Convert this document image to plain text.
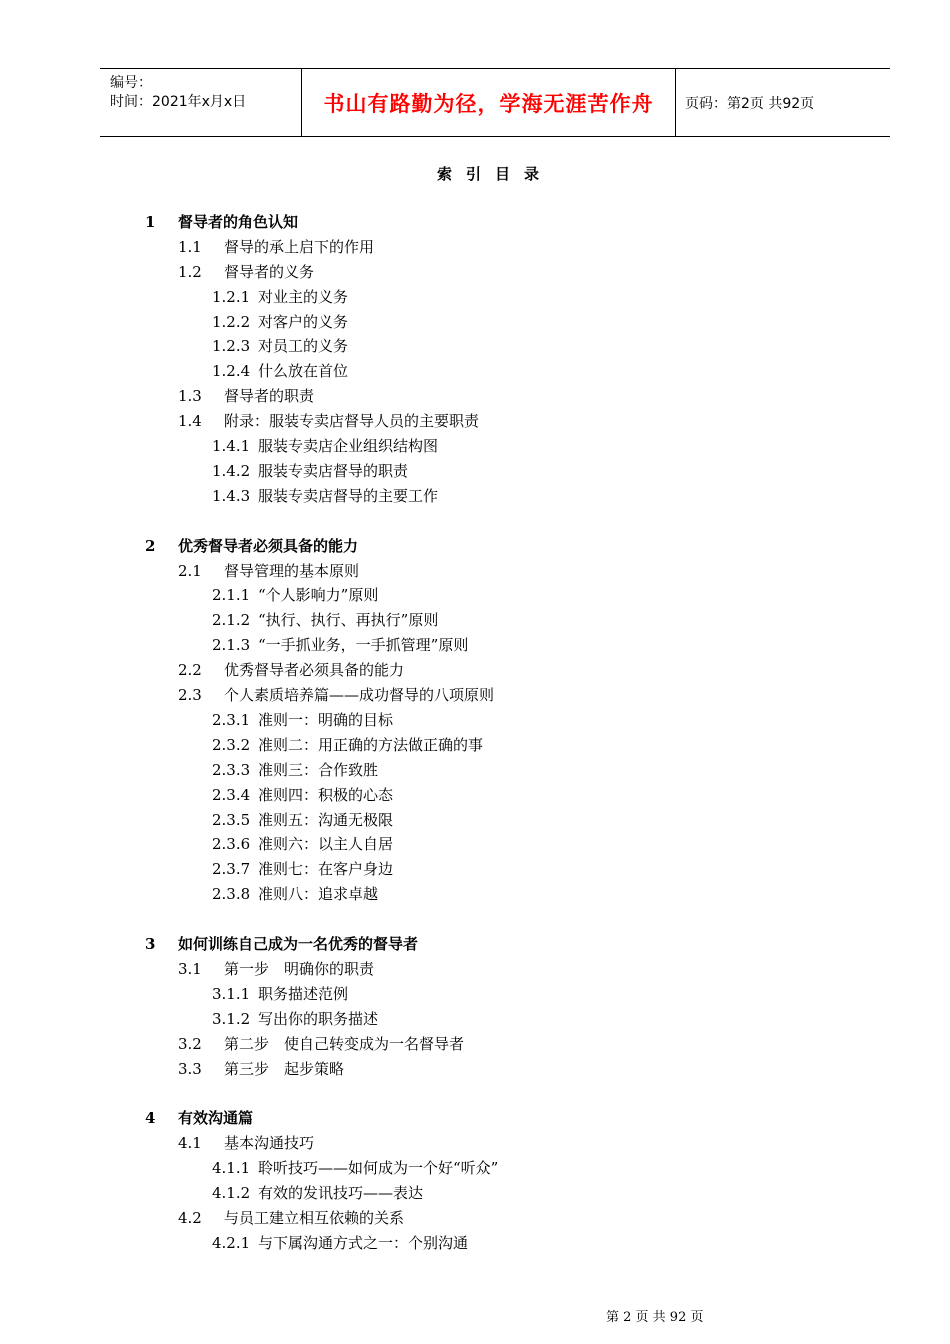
编号：
时间：2021年x月x日	书山有路勤为径，学海无涯苦作舟	页码：第2页 共92页
索引目录
1 督导者的角色认知
1.1 督导的承上启下的作用
1.2 督导者的义务
1.2.1 对业主的义务
1.2.2 对客户的义务
1.2.3 对员工的义务
1.2.4 什么放在首位
1.3 督导者的职责
1.4 附录：服装专卖店督导人员的主要职责
1.4.1 服装专卖店企业组织结构图
1.4.2 服装专卖店督导的职责
1.4.3 服装专卖店督导的主要工作
2 优秀督导者必须具备的能力
2.1 督导管理的基本原则
2.1.1 “个人影响力”原则
2.1.2 “执行、执行、再执行”原则
2.1.3 “一手抓业务，一手抓管理”原则
2.2 优秀督导者必须具备的能力
2.3 个人素质培养篇——成功督导的八项原则
2.3.1 准则一：明确的目标
2.3.2 准则二：用正确的方法做正确的事
2.3.3 准则三：合作致胜
2.3.4 准则四：积极的心态
2.3.5 准则五：沟通无极限
2.3.6 准则六：以主人自居
2.3.7 准则七：在客户身边
2.3.8 准则八：追求卓越
3 如何训练自己成为一名优秀的督导者
3.1 第一步　明确你的职责
3.1.1 职务描述范例
3.1.2 写出你的职务描述
3.2 第二步　使自己转变成为一名督导者
3.3 第三步　起步策略
4 有效沟通篇
4.1 基本沟通技巧
4.1.1 聆听技巧——如何成为一个好“听众”
4.1.2 有效的发讯技巧——表达
4.2 与员工建立相互依赖的关系
4.2.1 与下属沟通方式之一：个别沟通
第 2 页 共 92 页
